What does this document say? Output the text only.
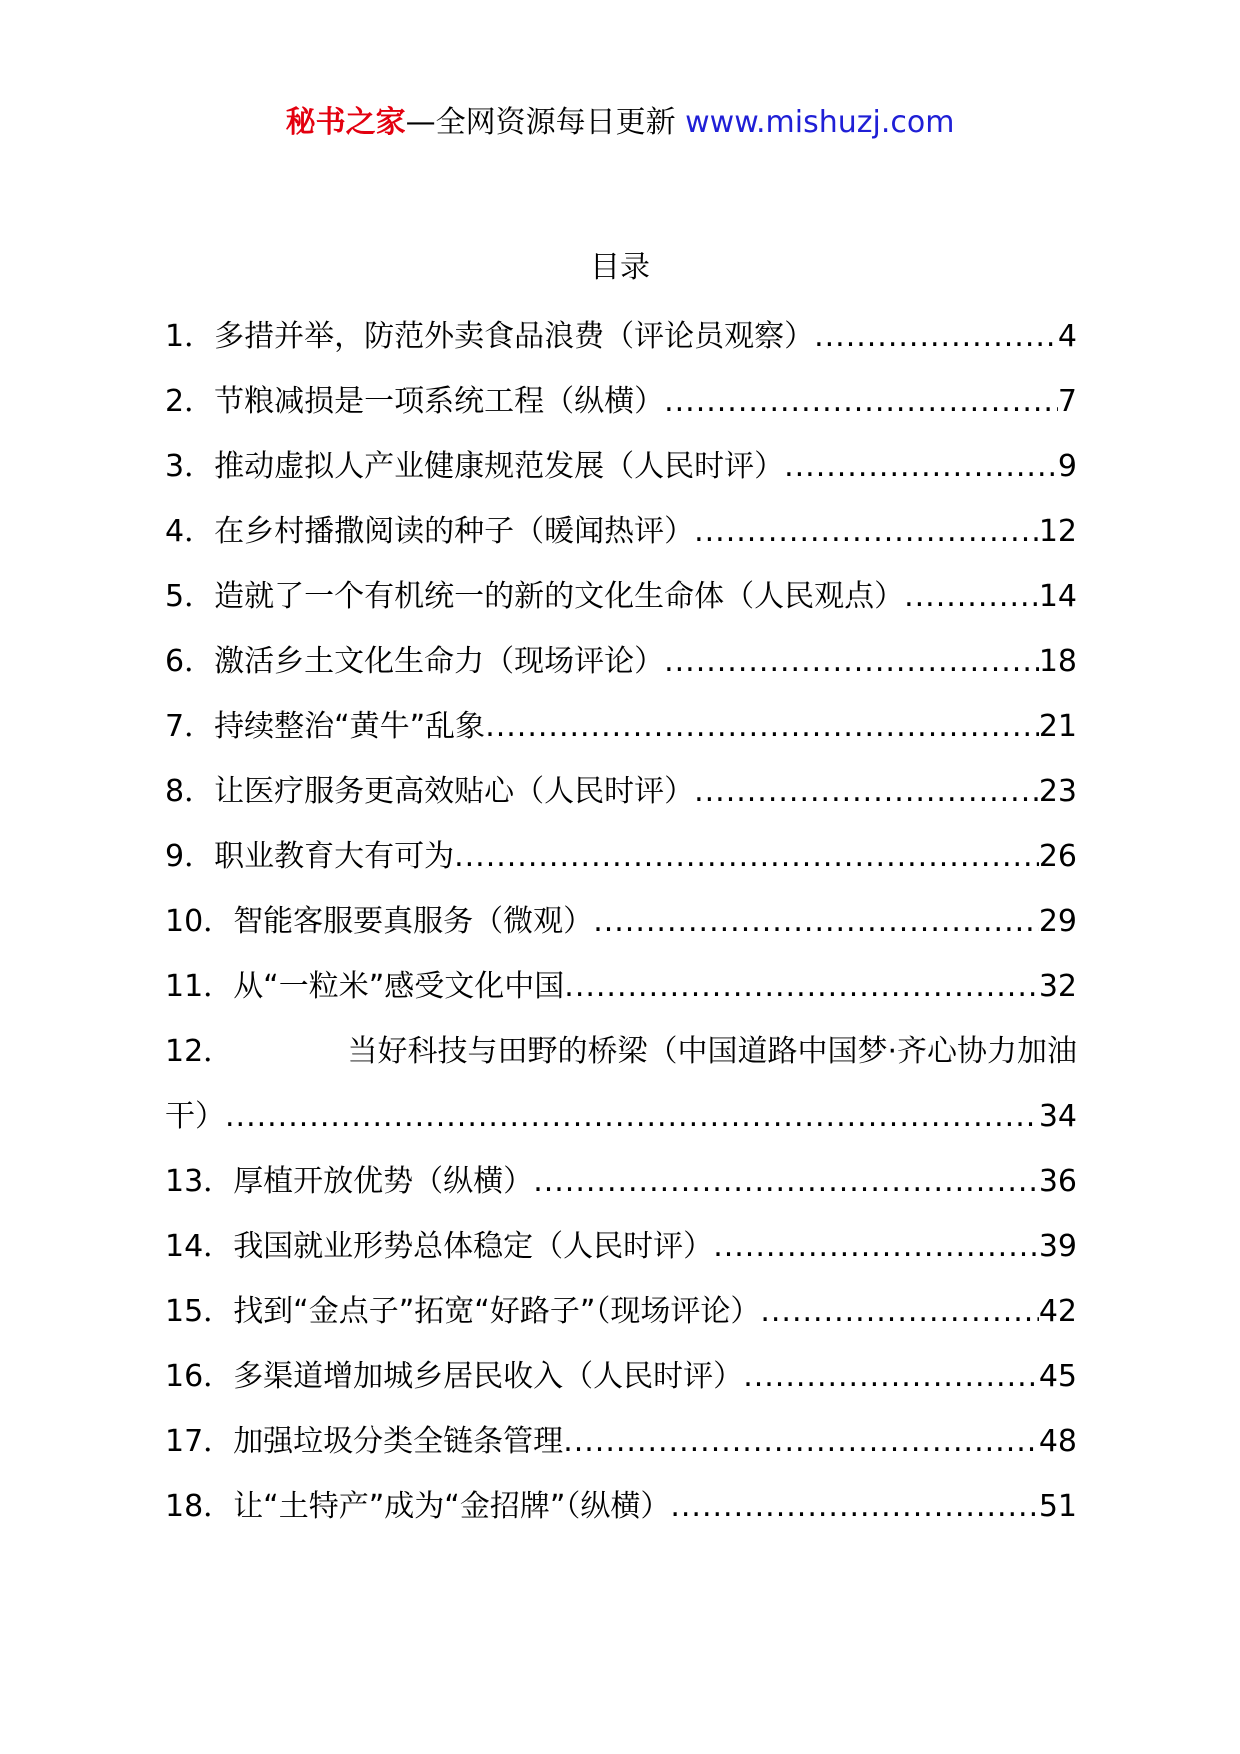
秘书之家—全网资源每日更新 www.mishuzj.com
目录
1． 多措并举，防范外卖食品浪费（评论员观察） .....	4
2． 节粮减损是一项系统工程（纵横） .....	7
3． 推动虚拟人产业健康规范发展（人民时评） .....	9
4． 在乡村播撒阅读的种子（暖闻热评） .....	12
5． 造就了一个有机统一的新的文化生命体（人民观点） .....	14
6． 激活乡土文化生命力（现场评论） .....	18
7． 持续整治“黄牛”乱象 .....	21
8． 让医疗服务更高效贴心（人民时评） .....	23
9． 职业教育大有可为 .....	26
10． 智能客服要真服务（微观） .....	29
11． 从“一粒米”感受文化中国 .....	32
12．	当好科技与田野的桥梁（中国道路中国梦·齐心协力加油
干） .....	34
13． 厚植开放优势（纵横） .....	36
14． 我国就业形势总体稳定（人民时评） .....	39
15． 找到“金点子”拓宽“好路子”（现场评论） .....	42
16． 多渠道增加城乡居民收入（人民时评） .....	45
17． 加强垃圾分类全链条管理 .....	48
18． 让“土特产”成为“金招牌”（纵横） .....	51
